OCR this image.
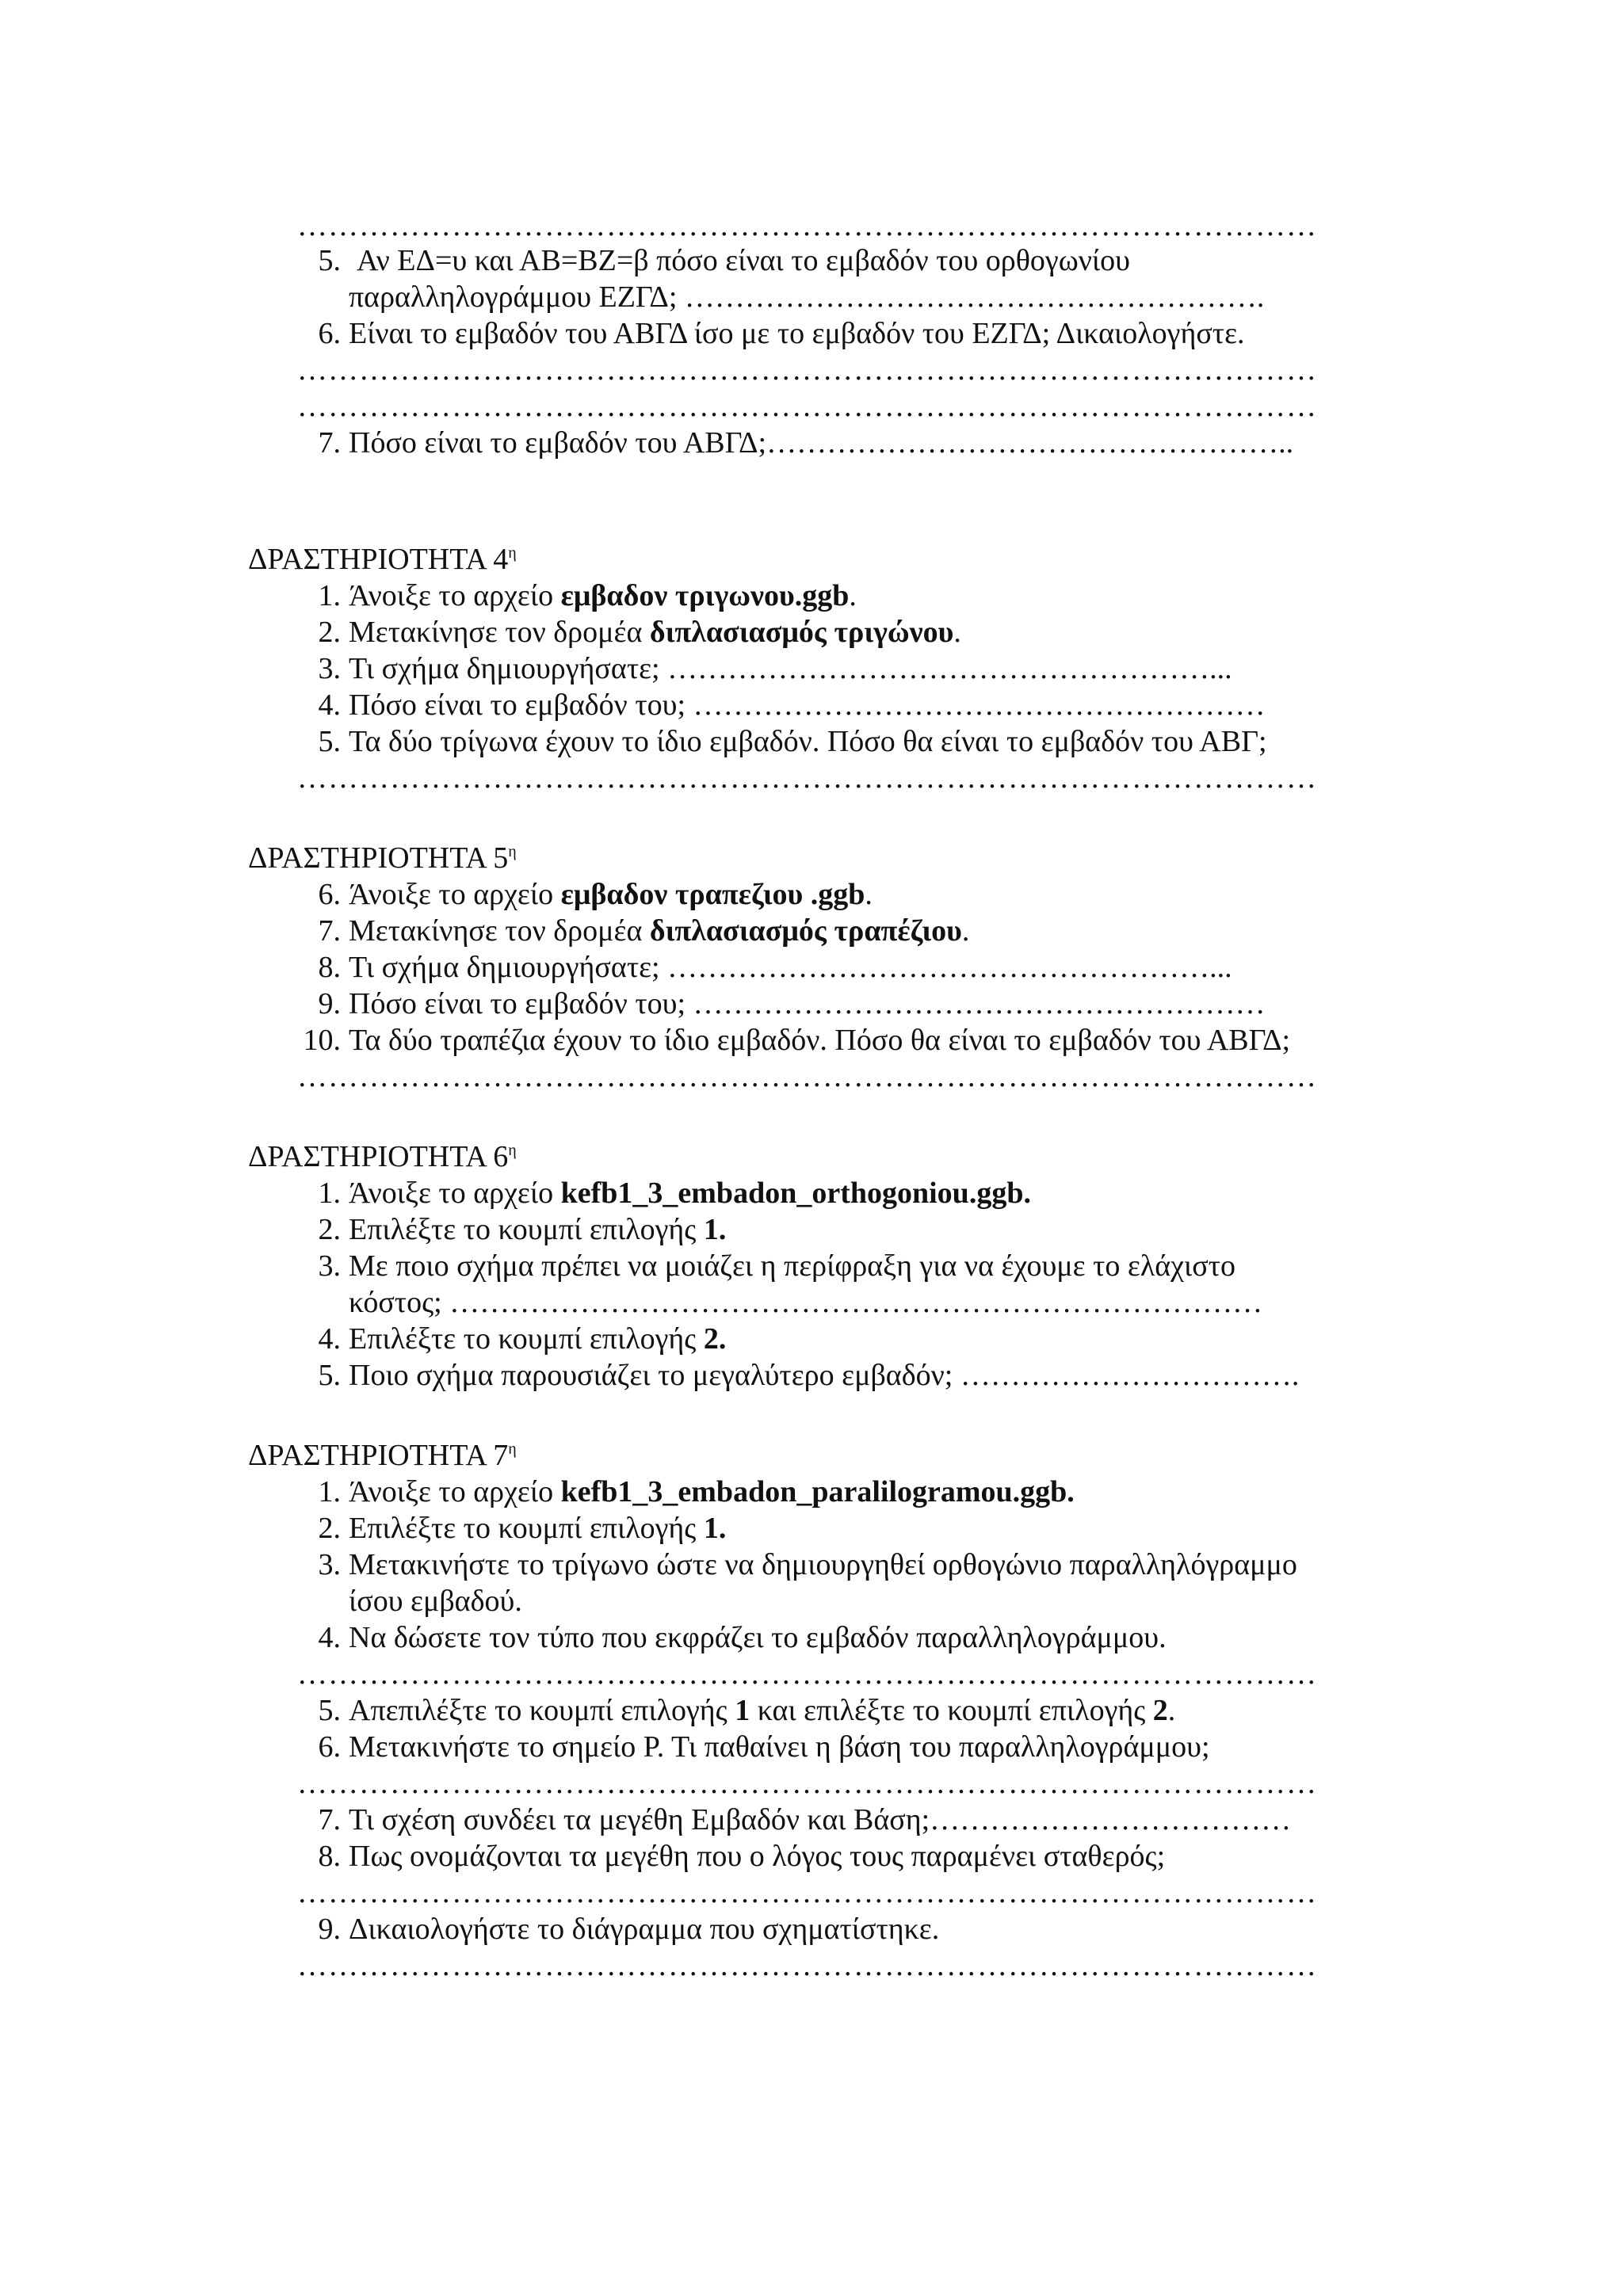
………………………………………………………………………………………
5. Αν ΕΔ=υ και ΑΒ=ΒΖ=β πόσο είναι το εμβαδόν του ορθογωνίου
παραλληλογράμμου ΕΖΓΔ; ………………………………………………….
6. Είναι το εμβαδόν του ΑΒΓΔ ίσο με το εμβαδόν του ΕΖΓΔ; Δικαιολογήστε.
………………………………………………………………………………………
………………………………………………………………………………………
7. Πόσο είναι το εμβαδόν του ΑΒΓΔ;……………………………………………..
ΔΡΑΣΤΗΡΙΟΤΗΤΑ $4^\eta$
1. Άνοιξε το αρχείο εμβαδον τριγωνου.ggb.
2. Μετακίνησε τον δρομέα διπλασιασμός τριγώνου.
3. Τι σχήμα δημιουργήσατε; ………………………………………………...
4. Πόσο είναι το εμβαδόν του; …………………………………………………
5. Τα δύο τρίγωνα έχουν το ίδιο εμβαδόν. Πόσο θα είναι το εμβαδόν του ΑΒΓ;
………………………………………………………………………………………
ΔΡΑΣΤΗΡΙΟΤΗΤΑ $5^\eta$
6. Άνοιξε το αρχείο εμβαδον τραπεζιου .ggb.
7. Μετακίνησε τον δρομέα διπλασιασμός τραπέζιου.
8. Τι σχήμα δημιουργήσατε; ………………………………………………...
9. Πόσο είναι το εμβαδόν του; …………………………………………………
10. Τα δύο τραπέζια έχουν το ίδιο εμβαδόν. Πόσο θα είναι το εμβαδόν του ΑΒΓΔ;
………………………………………………………………………………………
ΔΡΑΣΤΗΡΙΟΤΗΤΑ $6^\eta$
1. Άνοιξε το αρχείο kefb1_3_embadon_orthogoniou.ggb.
2. Επιλέξτε το κουμπί επιλογής 1.
3. Με ποιο σχήμα πρέπει να μοιάζει η περίφραξη για να έχουμε το ελάχιστο
κόστος; ………………………………………………………………………
4. Επιλέξτε το κουμπί επιλογής 2.
5. Ποιο σχήμα παρουσιάζει το μεγαλύτερο εμβαδόν; …………………………….
ΔΡΑΣΤΗΡΙΟΤΗΤΑ $7^\eta$
1. Άνοιξε το αρχείο kefb1_3_embadon_paralilogramou.ggb.
2. Επιλέξτε το κουμπί επιλογής 1.
3. Μετακινήστε το τρίγωνο ώστε να δημιουργηθεί ορθογώνιο παραλληλόγραμμο
ίσου εμβαδού.
4. Να δώσετε τον τύπο που εκφράζει το εμβαδόν παραλληλογράμμου.
………………………………………………………………………………………
5. Απεπιλέξτε το κουμπί επιλογής 1 και επιλέξτε το κουμπί επιλογής 2.
6. Μετακινήστε το σημείο Ρ. Τι παθαίνει η βάση του παραλληλογράμμου;
………………………………………………………………………………………
7. Τι σχέση συνδέει τα μεγέθη Εμβαδόν και Βάση;………………………………
8. Πως ονομάζονται τα μεγέθη που ο λόγος τους παραμένει σταθερός;
………………………………………………………………………………………
9. Δικαιολογήστε το διάγραμμα που σχηματίστηκε.
………………………………………………………………………………………
